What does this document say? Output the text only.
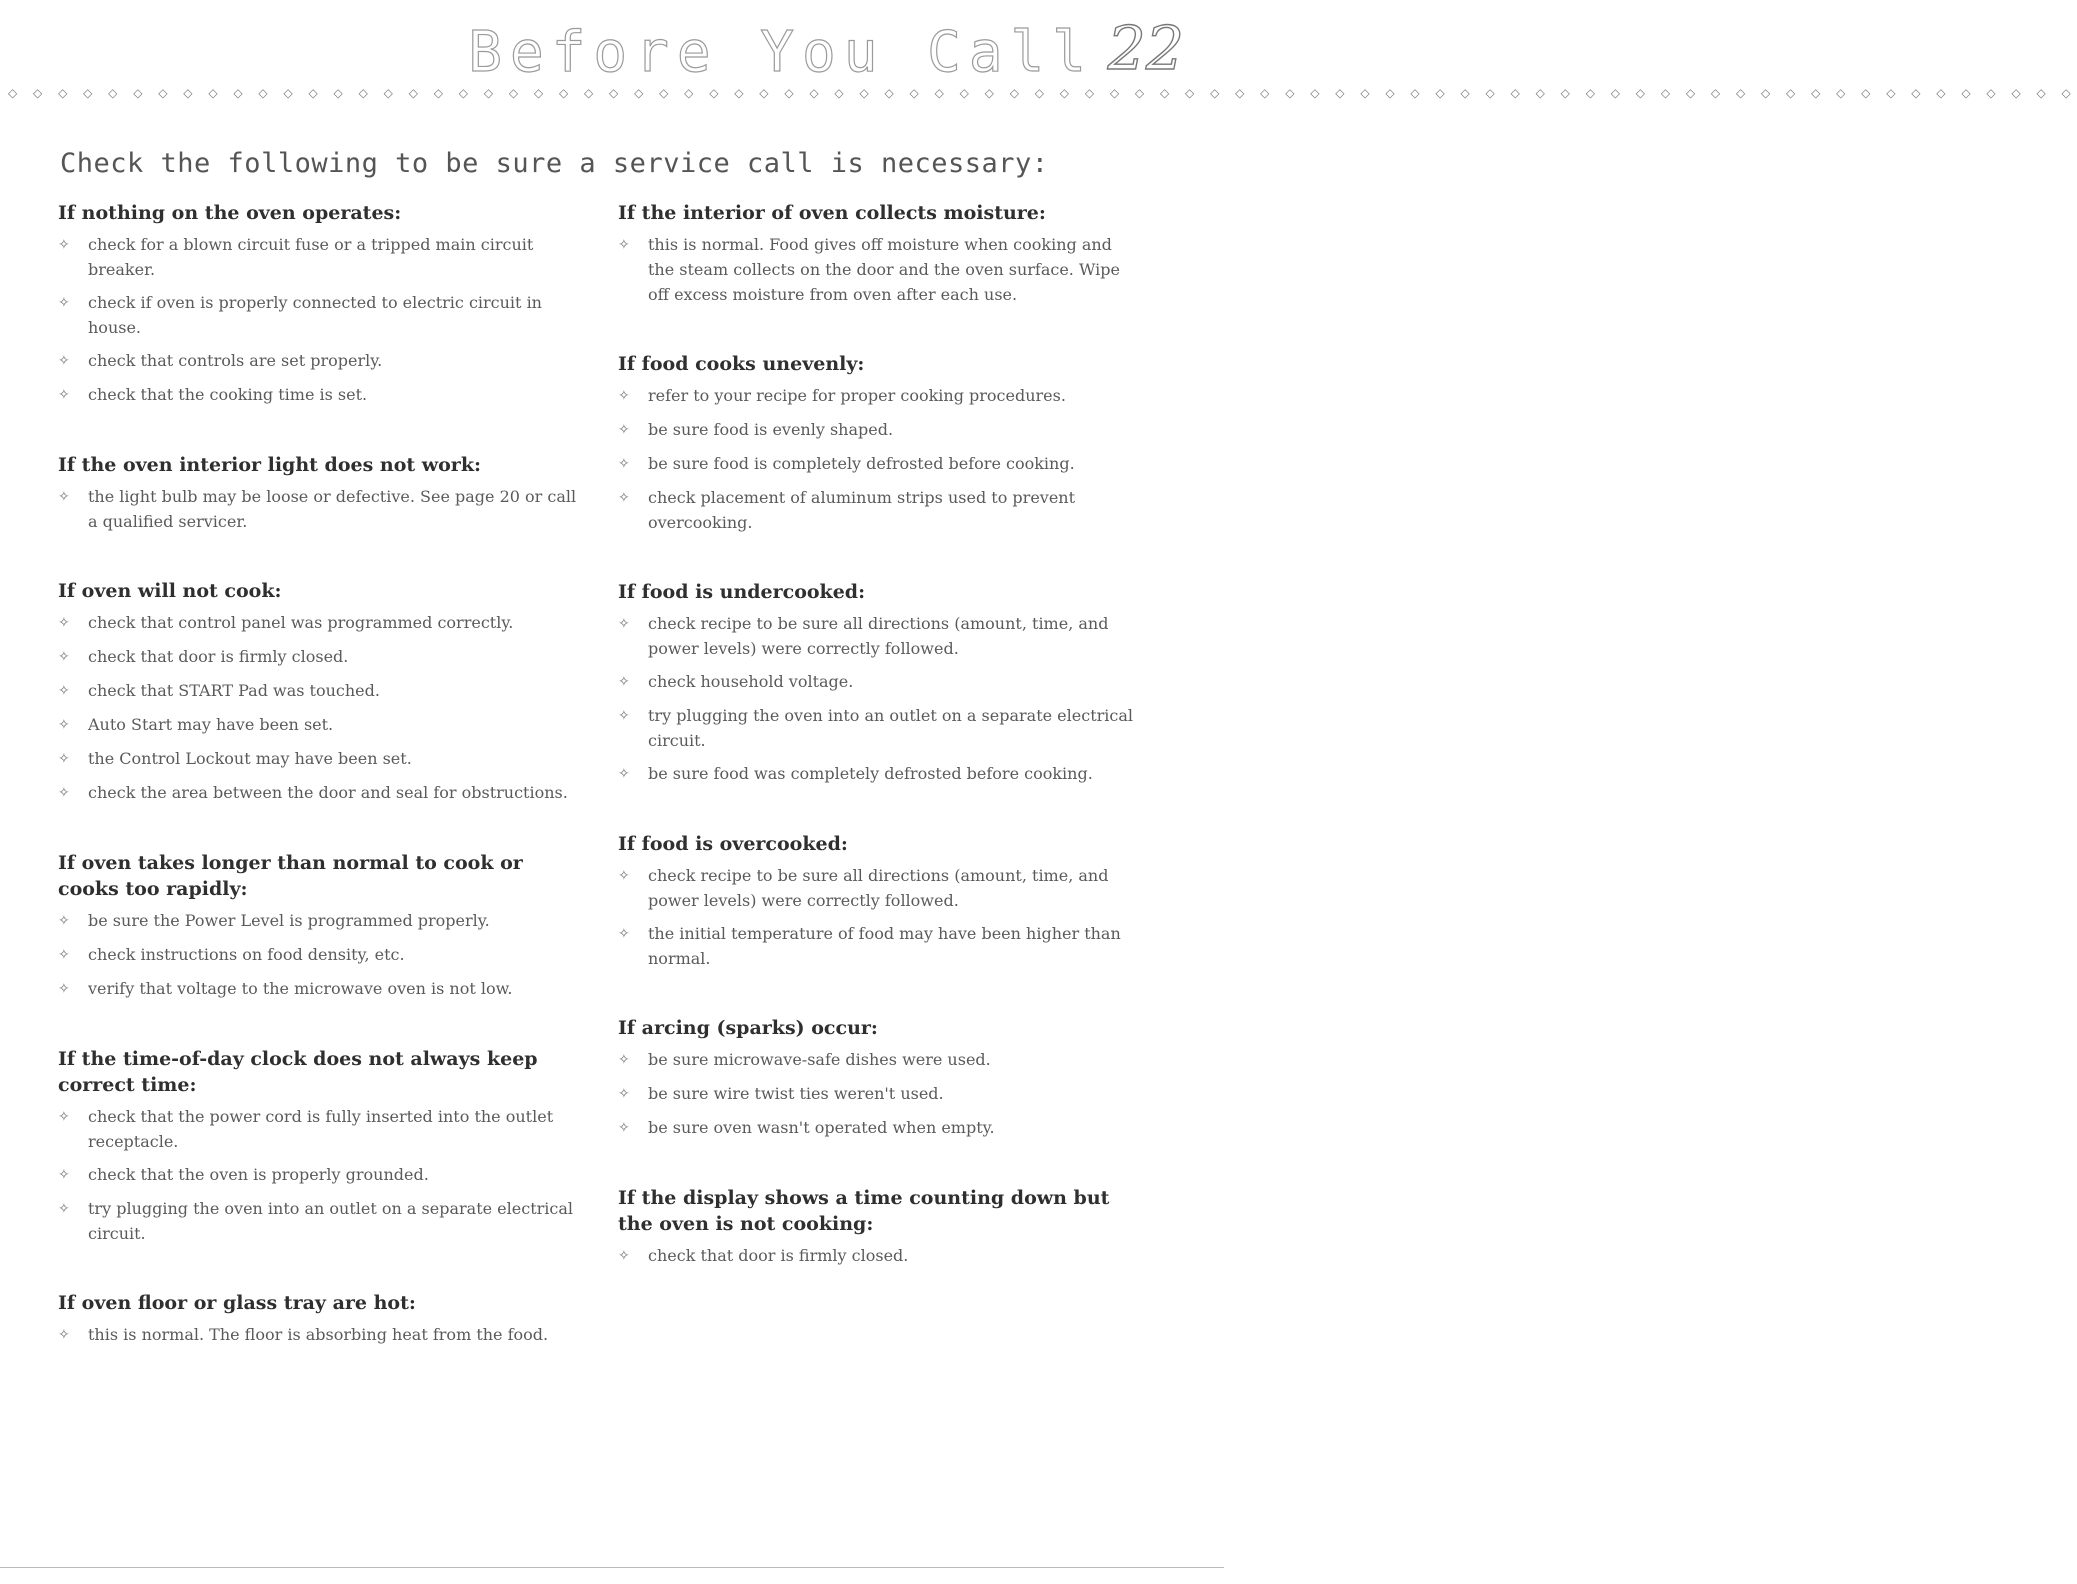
Before You Call 22
◇ ◇ ◇ ◇ ◇ ◇ ◇ ◇ ◇ ◇ ◇ ◇ ◇ ◇ ◇ ◇ ◇ ◇ ◇ ◇ ◇ ◇ ◇ ◇ ◇ ◇ ◇ ◇ ◇ ◇ ◇ ◇ ◇ ◇ ◇ ◇ ◇ ◇ ◇ ◇ ◇ ◇ ◇ ◇ ◇ ◇ ◇ ◇ ◇ ◇ ◇ ◇ ◇ ◇ ◇ ◇ ◇ ◇ ◇ ◇ ◇ ◇ ◇ ◇ ◇ ◇ ◇ ◇ ◇ ◇ ◇ ◇ ◇ ◇ ◇ ◇ ◇ ◇ ◇ ◇ ◇ ◇ ◇
Check the following to be sure a service call is necessary:
If nothing on the oven operates:
✧	check for a blown circuit fuse or a tripped main circuit breaker.
✧	check if oven is properly connected to electric circuit in house.
✧	check that controls are set properly.
✧	check that the cooking time is set.
If the oven interior light does not work:
✧	the light bulb may be loose or defective. See page 20 or call a qualified servicer.
If oven will not cook:
✧	check that control panel was programmed correctly.
✧	check that door is firmly closed.
✧	check that START Pad was touched.
✧	Auto Start may have been set.
✧	the Control Lockout may have been set.
✧	check the area between the door and seal for obstructions.
If oven takes longer than normal to cook or cooks too rapidly:
✧	be sure the Power Level is programmed properly.
✧	check instructions on food density, etc.
✧	verify that voltage to the microwave oven is not low.
If the time-of-day clock does not always keep correct time:
✧	check that the power cord is fully inserted into the outlet receptacle.
✧	check that the oven is properly grounded.
✧	try plugging the oven into an outlet on a separate electrical circuit.
If oven floor or glass tray are hot:
✧	this is normal. The floor is absorbing heat from the food.
If the interior of oven collects moisture:
✧	this is normal. Food gives off moisture when cooking and the steam collects on the door and the oven surface. Wipe off excess moisture from oven after each use.
If food cooks unevenly:
✧	refer to your recipe for proper cooking procedures.
✧	be sure food is evenly shaped.
✧	be sure food is completely defrosted before cooking.
✧	check placement of aluminum strips used to prevent overcooking.
If food is undercooked:
✧	check recipe to be sure all directions (amount, time, and power levels) were correctly followed.
✧	check household voltage.
✧	try plugging the oven into an outlet on a separate electrical circuit.
✧	be sure food was completely defrosted before cooking.
If food is overcooked:
✧	check recipe to be sure all directions (amount, time, and power levels) were correctly followed.
✧	the initial temperature of food may have been higher than normal.
If arcing (sparks) occur:
✧	be sure microwave-safe dishes were used.
✧	be sure wire twist ties weren't used.
✧	be sure oven wasn't operated when empty.
If the display shows a time counting down but the oven is not cooking:
✧	check that door is firmly closed.
